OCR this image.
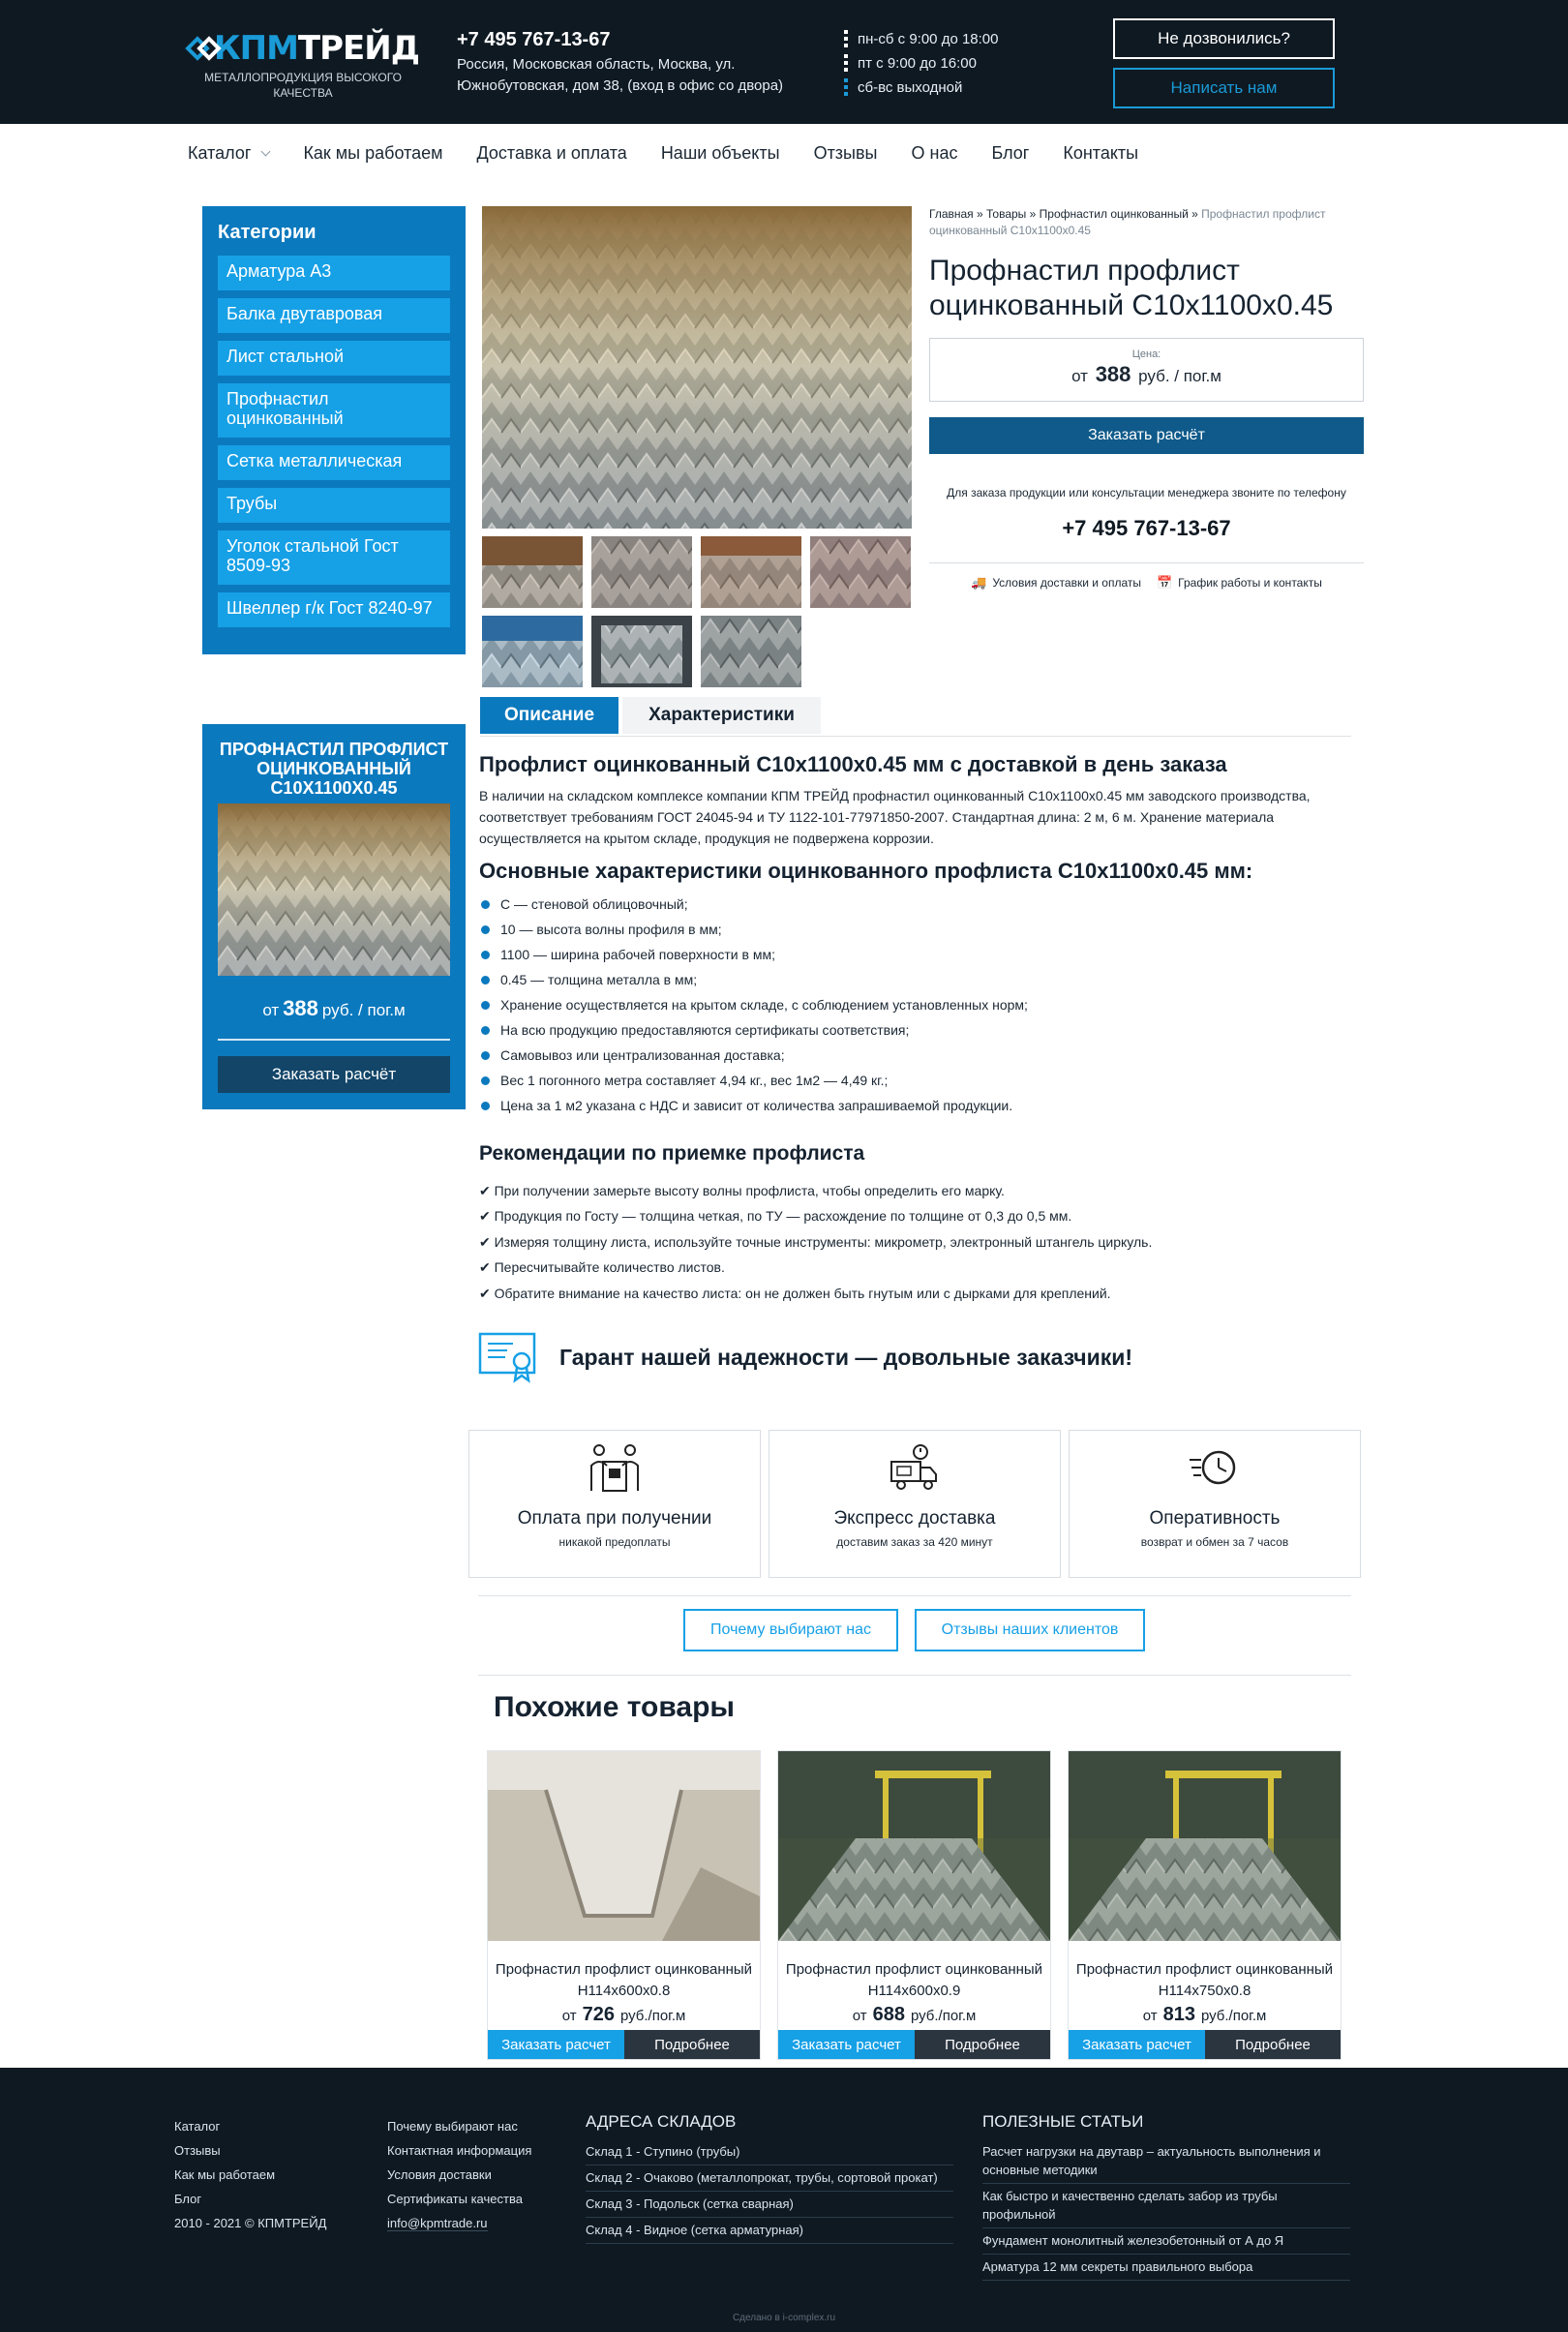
КПМТРЕЙД
МЕТАЛЛОПРОДУКЦИЯ ВЫСОКОГО КАЧЕСТВА
+7 495 767-13-67
Россия, Московская область, Москва, ул. Южнобутовская, дом 38, (вход в офис со двора)
пн-сб с 9:00 до 18:00
пт с 9:00 до 16:00
сб-вс выходной
Не дозвонились?
Написать нам
Каталог	Как мы работаем Доставка и оплата Наши объекты Отзывы О нас Блог Контакты
Категории
Арматура А3
Балка двутавровая
Лист стальной
Профнастил оцинкованный
Сетка металлическая
Трубы
Уголок стальной Гост 8509-93
Швеллер г/к Гост 8240-97
ПРОФНАСТИЛ ПРОФЛИСТ ОЦИНКОВАННЫЙ С10Х1100Х0.45
от 388 руб. / пог.м
Заказать расчёт
Главная » Товары » Профнастил оцинкованный » Профнастил профлист оцинкованный С10х1100х0.45
Профнастил профлист оцинкованный С10х1100х0.45
Цена:
от 388 руб. / пог.м
Заказать расчёт
Для заказа продукции или консультации менеджера звоните по телефону
+7 495 767-13-67
🚚 Условия доставки и оплаты 📅 График работы и контакты
Описание	Характеристики
Профлист оцинкованный С10х1100х0.45 мм с доставкой в день заказа
В наличии на складском комплексе компании КПМ ТРЕЙД профнастил оцинкованный С10х1100х0.45 мм заводского производства, соответствует требованиям ГОСТ 24045-94 и ТУ 1122-101-77971850-2007. Стандартная длина: 2 м, 6 м. Хранение материала осуществляется на крытом складе, продукция не подвержена коррозии.
Основные характеристики оцинкованного профлиста С10х1100х0.45 мм:
С — стеновой облицовочный;
10 — высота волны профиля в мм;
1100 — ширина рабочей поверхности в мм;
0.45 — толщина металла в мм;
Хранение осуществляется на крытом складе, с соблюдением установленных норм;
На всю продукцию предоставляются сертификаты соответствия;
Самовывоз или централизованная доставка;
Вес 1 погонного метра составляет 4,94 кг., вес 1м2 — 4,49 кг.;
Цена за 1 м2 указана с НДС и зависит от количества запрашиваемой продукции.
Рекомендации по приемке профлиста
✔ При получении замерьте высоту волны профлиста, чтобы определить его марку.
✔ Продукция по Госту — толщина четкая, по ТУ — расхождение по толщине от 0,3 до 0,5 мм.
✔ Измеряя толщину листа, используйте точные инструменты: микрометр, электронный штангель циркуль.
✔ Пересчитывайте количество листов.
✔ Обратите внимание на качество листа: он не должен быть гнутым или с дырками для креплений.
Гарант нашей надежности — довольные заказчики!
Оплата при получении
никакой предоплаты
Экспресс доставка
доставим заказ за 420 минут
Оперативность
возврат и обмен за 7 часов
Почему выбирают нас	Отзывы наших клиентов
Похожие товары
Профнастил профлист оцинкованный Н114х600х0.8
от 726 руб./пог.м
Заказать расчет	Подробнее
Профнастил профлист оцинкованный Н114х600х0.9
от 688 руб./пог.м
Заказать расчет	Подробнее
Профнастил профлист оцинкованный Н114х750х0.8
от 813 руб./пог.м
Заказать расчет	Подробнее
Каталог
Отзывы
Как мы работаем
Блог
2010 - 2021 © КПМТРЕЙД
Почему выбирают нас
Контактная информация
Условия доставки
Сертификаты качества
info@kpmtrade.ru
АДРЕСА СКЛАДОВ
Склад 1 - Ступино (трубы)
Склад 2 - Очаково (металлопрокат, трубы, сортовой прокат)
Склад 3 - Подольск (сетка сварная)
Склад 4 - Видное (сетка арматурная)
ПОЛЕЗНЫЕ СТАТЬИ
Расчет нагрузки на двутавр – актуальность выполнения и основные методики
Как быстро и качественно сделать забор из трубы профильной
Фундамент монолитный железобетонный от А до Я
Арматура 12 мм секреты правильного выбора
Сделано в i-complex.ru
